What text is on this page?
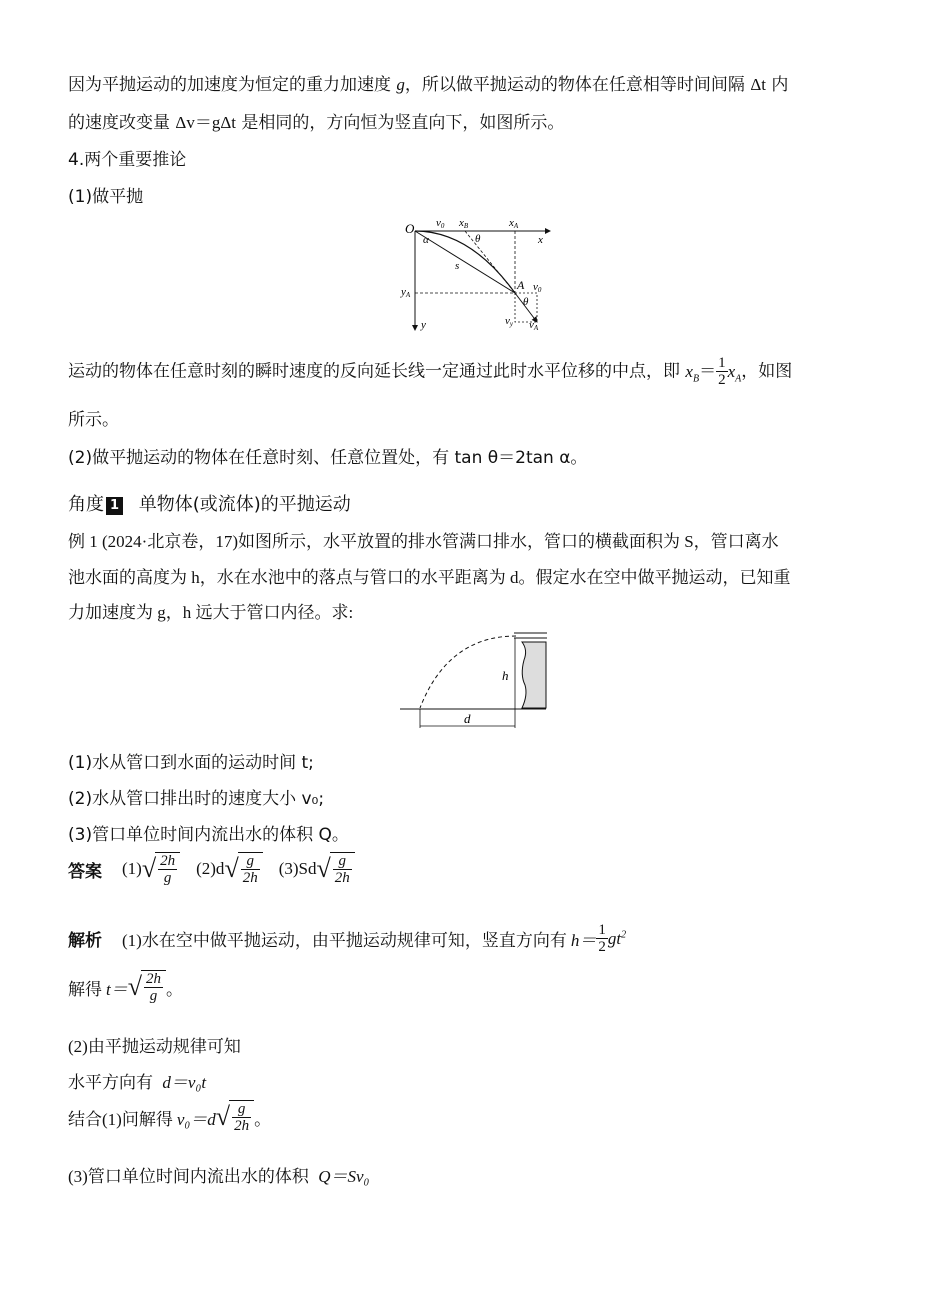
因为平抛运动的加速度为恒定的重力加速度 g，所以做平抛运动的物体在任意相等时间间隔 Δt 内
的速度改变量 Δv＝gΔt 是相同的，方向恒为竖直向下，如图所示。
4.两个重要推论
(1)做平抛
O v0 xB	xA
x
α	θ
s
yA
A v0
θ
vy vA
y
运动的物体在任意时刻的瞬时速度的反向延长线一定通过此时水平位移的中点，即 $x_B= \frac{1}{2} x_A$，如图
所示。
(2)做平抛运动的物体在任意时刻、任意位置处，有 tan θ＝2tan α。
角度 1 单物体(或流体)的平抛运动
例 1 (2024·北京卷，17)如图所示，水平放置的排水管满口排水，管口的横截面积为 S，管口离水
池水面的高度为 h，水在水池中的落点与管口的水平距离为 d。假定水在空中做平抛运动，已知重
力加速度为 g，h 远大于管口内径。求:
h
d
(1)水从管口到水面的运动时间 t;
(2)水从管口排出时的速度大小 v₀;
(3)管口单位时间内流出水的体积 Q。
答案 (1) √ $\frac{2h}{g} (2)d$ √ $\frac{g}{2h} (3)Sd$ √ $\frac{g}{2h}$
解析 (1)水在空中做平抛运动，由平抛运动规律可知，竖直方向有 $h= \frac{1}{2} gt^2$
解得 t＝ √ $\frac{2h}{g}$ 。
(2)由平抛运动规律可知
水平方向有 d＝v₀t
结合(1)问解得 v₀＝d √ $\frac{g}{2h}$ 。
(3)管口单位时间内流出水的体积 Q＝Sv₀
